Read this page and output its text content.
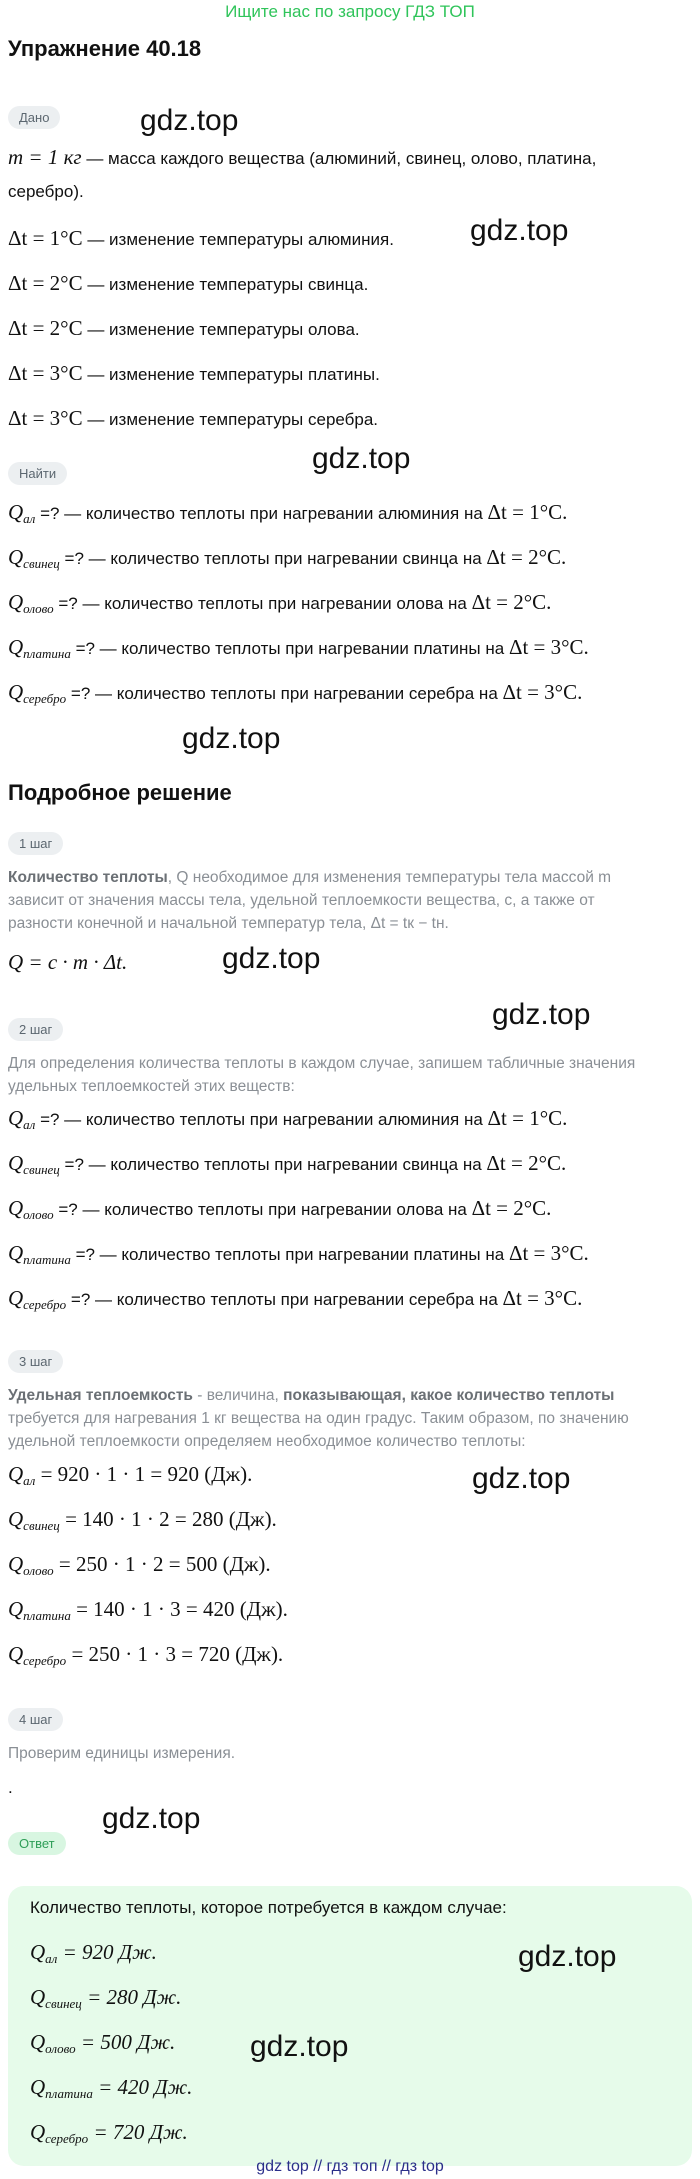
Ищите нас по запросу ГДЗ ТОП
Упражнение 40.18
Дано	gdz.top
m = 1 кг — масса каждого вещества (алюминий, свинец, олово, платина,
серебро).
Δt = 1°C — изменение температуры алюминия.	gdz.top
Δt = 2°C — изменение температуры свинца.
Δt = 2°C — изменение температуры олова.
Δt = 3°C — изменение температуры платины.
Δt = 3°C — изменение температуры серебра.
Найти	gdz.top
$Q_{ал}$ =? — количество теплоты при нагревании алюминия на Δt = 1°C.
$Q_{свинец}$ =? — количество теплоты при нагревании свинца на Δt = 2°C.
$Q_{олово}$ =? — количество теплоты при нагревании олова на Δt = 2°C.
$Q_{платина}$ =? — количество теплоты при нагревании платины на Δt = 3°C.
$Q_{серебро}$ =? — количество теплоты при нагревании серебра на Δt = 3°C.
gdz.top
Подробное решение
1 шаг
Количество теплоты, Q необходимое для изменения температуры тела массой m
зависит от значения массы тела, удельной теплоемкости вещества, c, а также от
разности конечной и начальной температур тела, Δt = tк − tн.
Q = c · m · Δt.	gdz.top
gdz.top
2 шаг
Для определения количества теплоты в каждом случае, запишем табличные значения
удельных теплоемкостей этих веществ:
$Q_{ал}$ =? — количество теплоты при нагревании алюминия на Δt = 1°C.
$Q_{свинец}$ =? — количество теплоты при нагревании свинца на Δt = 2°C.
$Q_{олово}$ =? — количество теплоты при нагревании олова на Δt = 2°C.
$Q_{платина}$ =? — количество теплоты при нагревании платины на Δt = 3°C.
$Q_{серебро}$ =? — количество теплоты при нагревании серебра на Δt = 3°C.
3 шаг
Удельная теплоемкость - величина, показывающая, какое количество теплоты
требуется для нагревания 1 кг вещества на один градус. Таким образом, по значению
удельной теплоемкости определяем необходимое количество теплоты:
$Q_{ал} = 920 \cdot 1 \cdot 1 = 920$ (Дж).	gdz.top
$Q_{свинец} = 140 \cdot 1 \cdot 2 = 280$ (Дж).
$Q_{олово} = 250 \cdot 1 \cdot 2 = 500$ (Дж).
$Q_{платина} = 140 \cdot 1 \cdot 3 = 420$ (Дж).
$Q_{серебро} = 250 \cdot 1 \cdot 3 = 720$ (Дж).
4 шаг
Проверим единицы измерения.
.
gdz.top
Ответ
Количество теплоты, которое потребуется в каждом случае:
$Q_{ал} = 920$ Дж.	gdz.top
$Q_{свинец} = 280$ Дж.
$Q_{олово} = 500$ Дж. gdz.top
$Q_{платина} = 420$ Дж.
$Q_{серебро} = 720$ Дж.
gdz top // гдз топ // гдз top
